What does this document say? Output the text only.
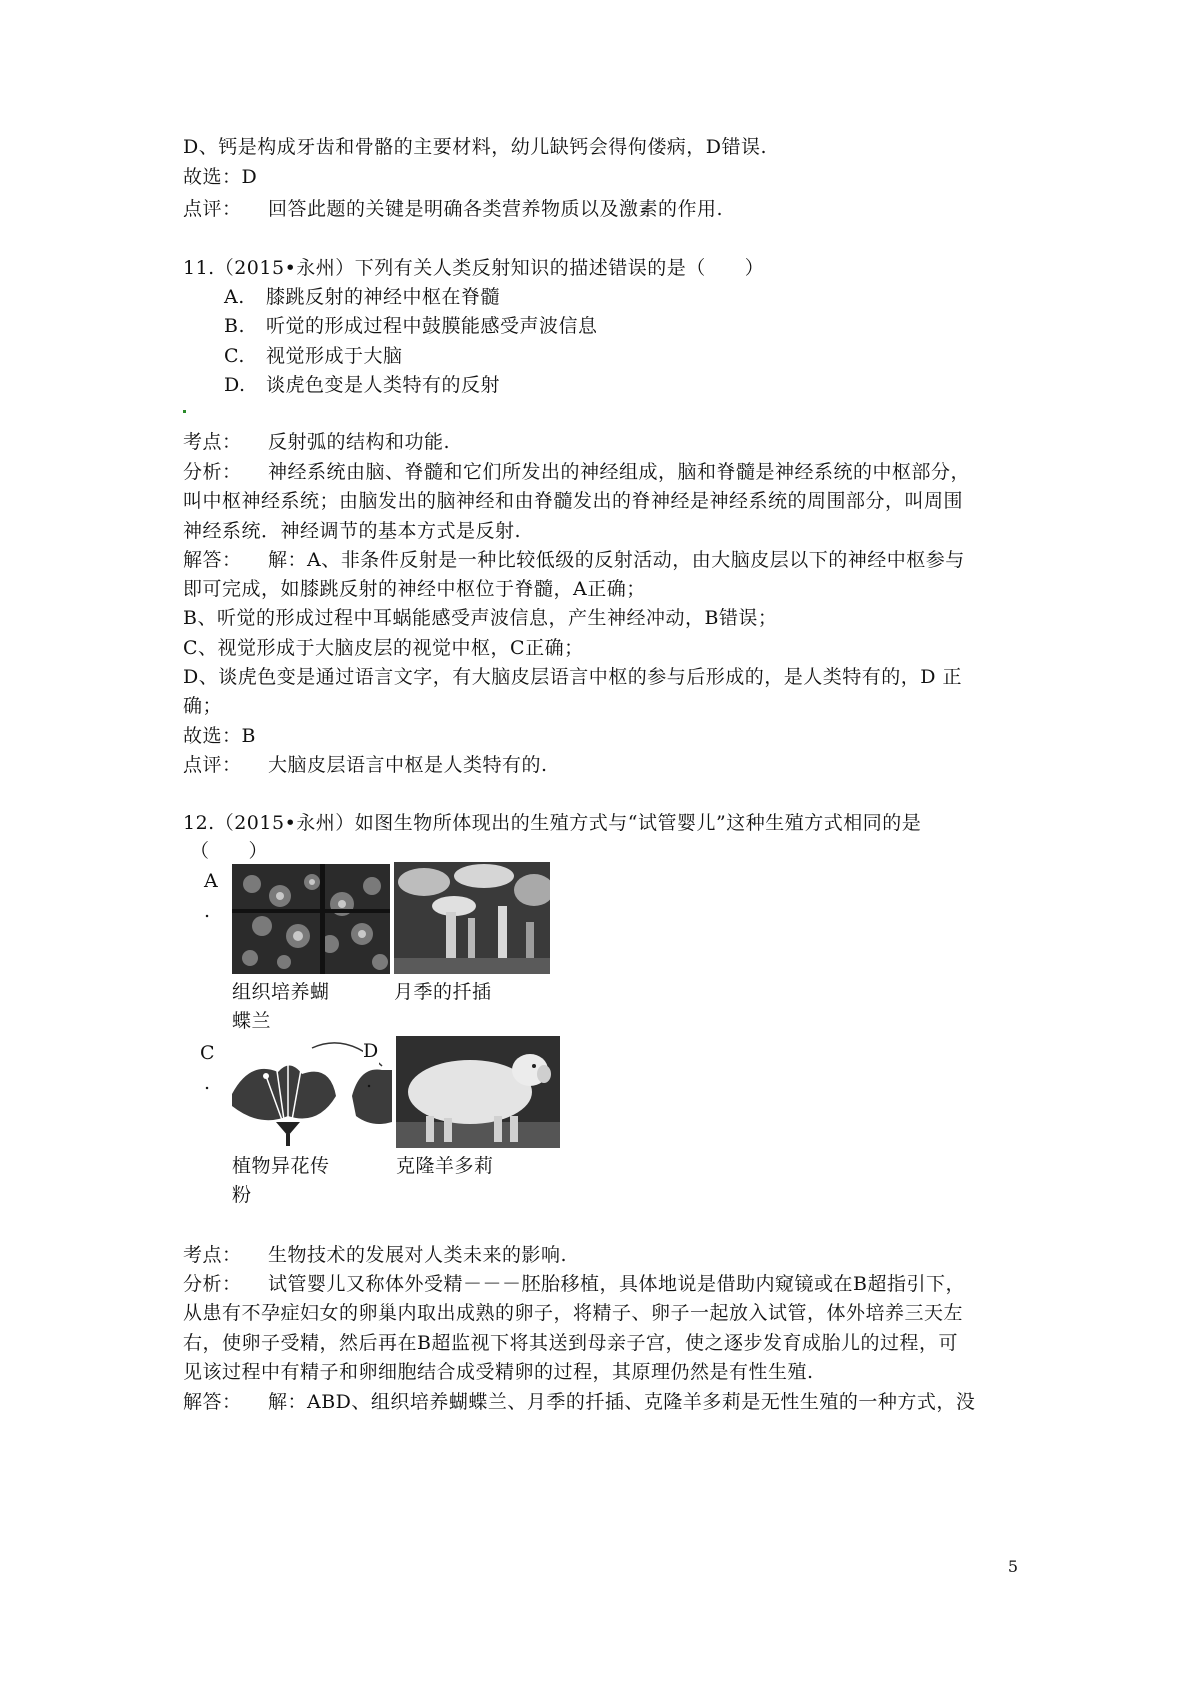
D、钙是构成牙齿和骨骼的主要材料，幼儿缺钙会得佝偻病，D错误.
故选：D
点评： 回答此题的关键是明确各类营养物质以及激素的作用.
11.（2015•永州）下列有关人类反射知识的描述错误的是（　　）
A. 膝跳反射的神经中枢在脊髓
B. 听觉的形成过程中鼓膜能感受声波信息
C. 视觉形成于大脑
D. 谈虎色变是人类特有的反射
考点： 反射弧的结构和功能.
分析： 神经系统由脑、脊髓和它们所发出的神经组成，脑和脊髓是神经系统的中枢部分，
叫中枢神经系统；由脑发出的脑神经和由脊髓发出的脊神经是神经系统的周围部分，叫周围
神经系统．神经调节的基本方式是反射.
解答： 解：A、非条件反射是一种比较低级的反射活动，由大脑皮层以下的神经中枢参与
即可完成，如膝跳反射的神经中枢位于脊髓，A正确；
B、听觉的形成过程中耳蜗能感受声波信息，产生神经冲动，B错误；
C、视觉形成于大脑皮层的视觉中枢，C正确；
D、谈虎色变是通过语言文字，有大脑皮层语言中枢的参与后形成的，是人类特有的，D 正
确；
故选：B
点评： 大脑皮层语言中枢是人类特有的.
12.（2015•永州）如图生物所体现出的生殖方式与“试管婴儿”这种生殖方式相同的是
（　　）
A
.
组织培养蝴
蝶兰
月季的扦插
C
.
D
.
植物异花传
粉
克隆羊多莉
考点： 生物技术的发展对人类未来的影响.
分析： 试管婴儿又称体外受精－－－胚胎移植，具体地说是借助内窥镜或在B超指引下，
从患有不孕症妇女的卵巢内取出成熟的卵子，将精子、卵子一起放入试管，体外培养三天左
右，使卵子受精，然后再在B超监视下将其送到母亲子宫，使之逐步发育成胎儿的过程，可
见该过程中有精子和卵细胞结合成受精卵的过程，其原理仍然是有性生殖.
解答： 解：ABD、组织培养蝴蝶兰、月季的扦插、克隆羊多莉是无性生殖的一种方式，没
5
